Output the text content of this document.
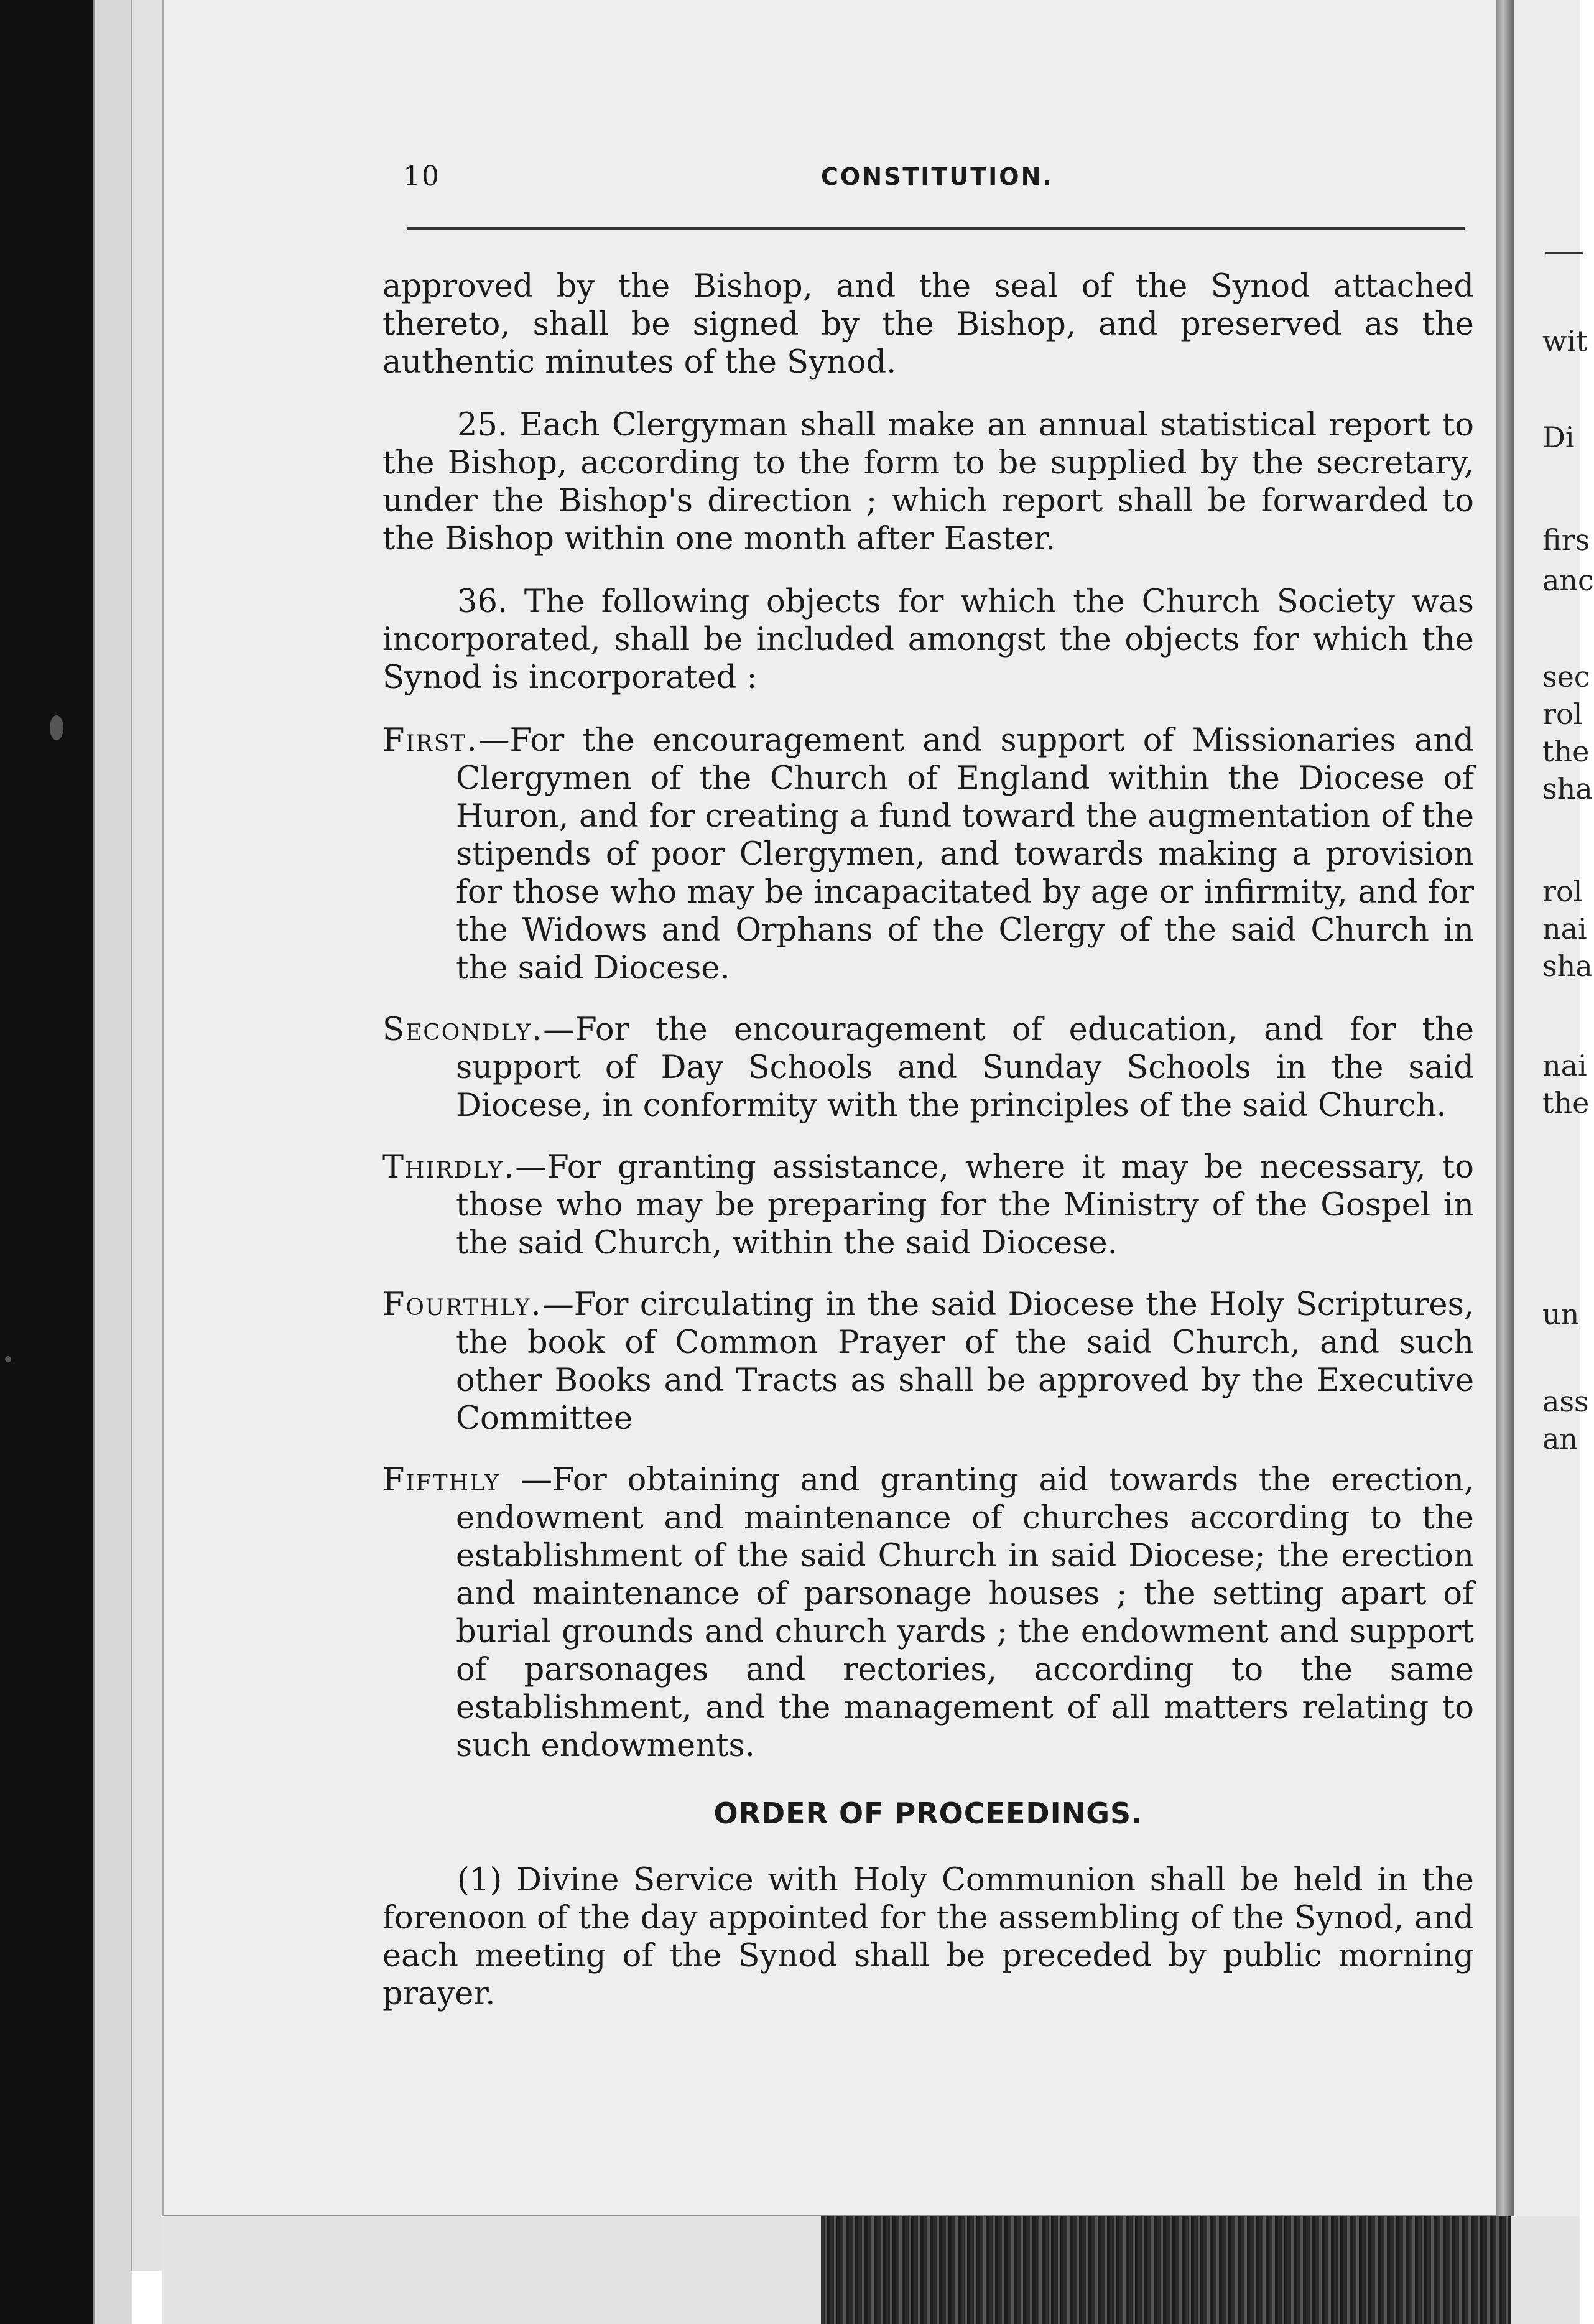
10	CONSTITUTION.

approved by the Bishop, and the seal of the Synod attached thereto, shall be signed by the Bishop, and preserved as the authentic minutes of the Synod.

25. Each Clergyman shall make an annual statistical report to the Bishop, according to the form to be supplied by the secretary, under the Bishop's direction ; which report shall be forwarded to the Bishop within one month after Easter.

36. The following objects for which the Church Society was incorporated, shall be included amongst the objects for which the Synod is incorporated :

First.—For the encouragement and support of Missionaries and Clergymen of the Church of England within the Diocese of Huron, and for creating a fund toward the augmentation of the stipends of poor Clergymen, and towards making a provision for those who may be incapacitated by age or infirmity, and for the Widows and Orphans of the Clergy of the said Church in the said Diocese.

Secondly.—For the encouragement of education, and for the support of Day Schools and Sunday Schools in the said Diocese, in conformity with the principles of the said Church.

Thirdly.—For granting assistance, where it may be necessary, to those who may be preparing for the Ministry of the Gospel in the said Church, within the said Diocese.

Fourthly.—For circulating in the said Diocese the Holy Scriptures, the book of Common Prayer of the said Church, and such other Books and Tracts as shall be approved by the Executive Committee

Fifthly —For obtaining and granting aid towards the erection, endowment and maintenance of churches according to the establishment of the said Church in said Diocese; the erection and maintenance of parsonage houses ; the setting apart of burial grounds and church yards ; the endowment and support of parsonages and rectories, according to the same establishment, and the management of all matters relating to such endowments.

ORDER OF PROCEEDINGS.

(1) Divine Service with Holy Communion shall be held in the forenoon of the day appointed for the assembling of the Synod, and each meeting of the Synod shall be preceded by public morning prayer.

wit
Di
firs
anc
sec
rol
the
sha
rol
nai
sha
nai
the
un
ass
an
